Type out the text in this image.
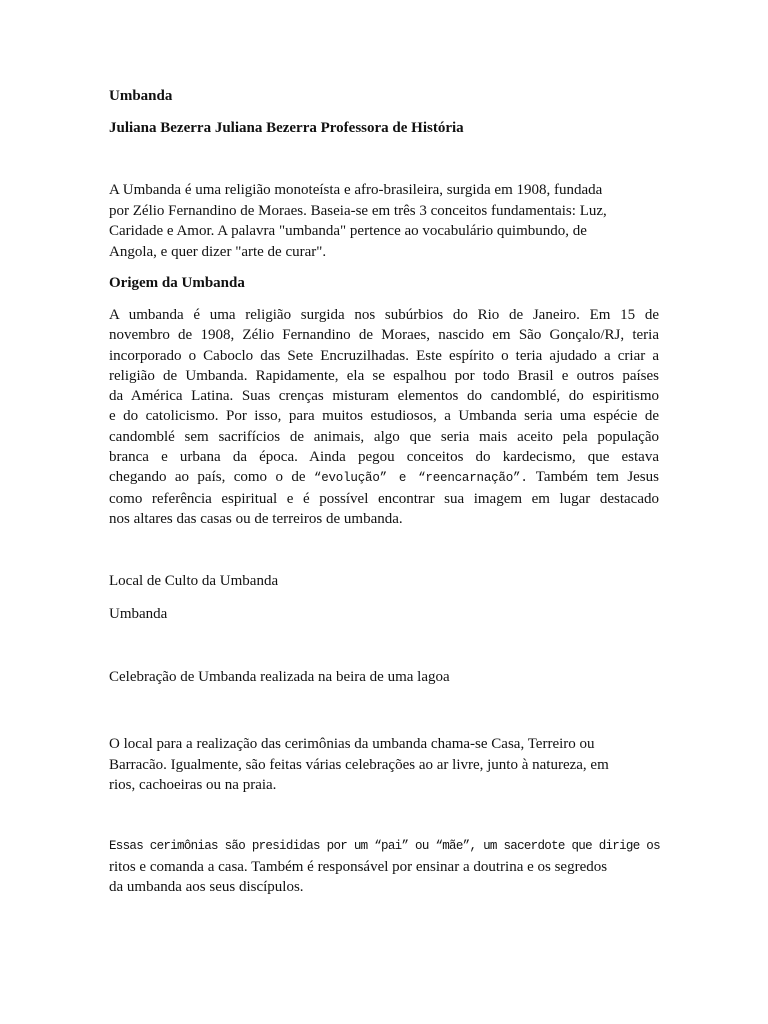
Umbanda

Juliana Bezerra Juliana Bezerra Professora de História

A Umbanda é uma religião monoteísta e afro-brasileira, surgida em 1908, fundada
por Zélio Fernandino de Moraes. Baseia-se em três 3 conceitos fundamentais: Luz,
Caridade e Amor. A palavra "umbanda" pertence ao vocabulário quimbundo, de
Angola, e quer dizer "arte de curar".

Origem da Umbanda

A umbanda é uma religião surgida nos subúrbios do Rio de Janeiro. Em 15 de
novembro de 1908, Zélio Fernandino de Moraes, nascido em São Gonçalo/RJ, teria
incorporado o Caboclo das Sete Encruzilhadas. Este espírito o teria ajudado a criar a
religião de Umbanda. Rapidamente, ela se espalhou por todo Brasil e outros países
da América Latina. Suas crenças misturam elementos do candomblé, do espiritismo
e do catolicismo. Por isso, para muitos estudiosos, a Umbanda seria uma espécie de
candomblé sem sacrifícios de animais, algo que seria mais aceito pela população
branca e urbana da época. Ainda pegou conceitos do kardecismo, que estava
chegando ao país, como o de “evolução” e “reencarnação”. Também tem Jesus
como referência espiritual e é possível encontrar sua imagem em lugar destacado
nos altares das casas ou de terreiros de umbanda.

Local de Culto da Umbanda

Umbanda

Celebração de Umbanda realizada na beira de uma lagoa

O local para a realização das cerimônias da umbanda chama-se Casa, Terreiro ou
Barracão. Igualmente, são feitas várias celebrações ao ar livre, junto à natureza, em
rios, cachoeiras ou na praia.

Essas cerimônias são presididas por um “pai” ou “mãe”, um sacerdote que dirige os
ritos e comanda a casa. Também é responsável por ensinar a doutrina e os segredos
da umbanda aos seus discípulos.
